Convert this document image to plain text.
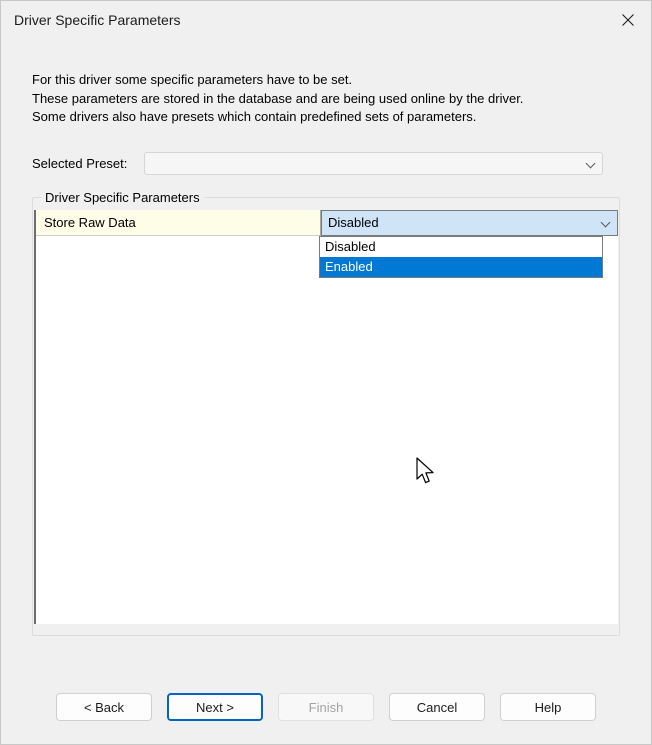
Driver Specific Parameters
For this driver some specific parameters have to be set.
These parameters are stored in the database and are being used online by the driver.
Some drivers also have presets which contain predefined sets of parameters.
Selected Preset:
Driver Specific Parameters
Store Raw Data	Disabled
Disabled
Enabled
< Back	Next >	Finish	Cancel	Help
